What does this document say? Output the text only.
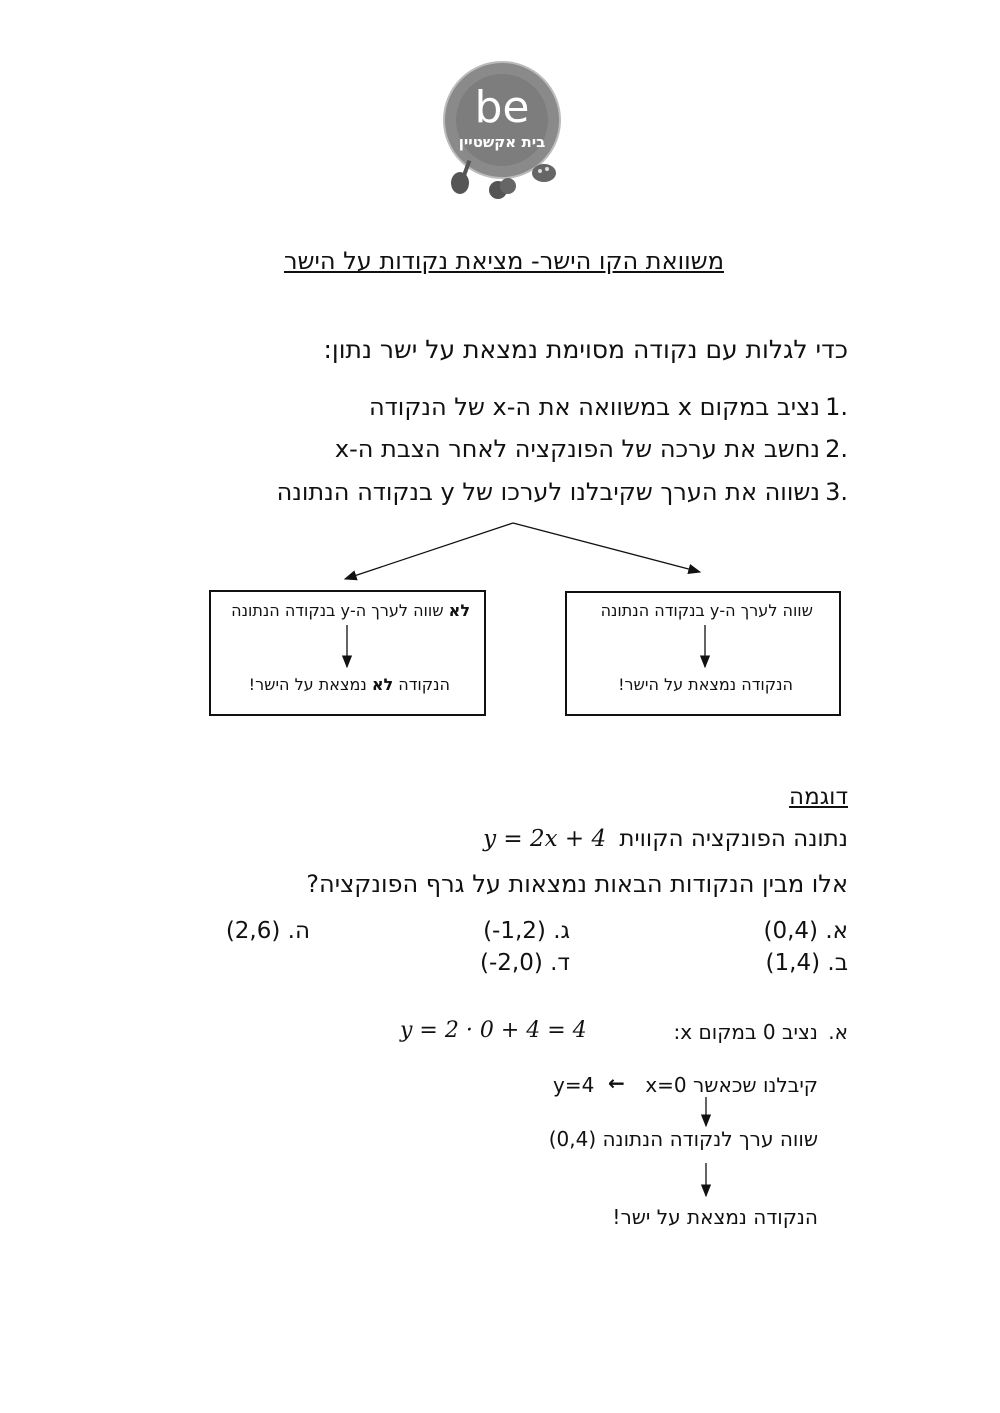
be
בית אקשטיין
משוואת הקו הישר- מציאת נקודות על הישר
כדי לגלות עם נקודה מסוימת נמצאת על ישר נתון:
1.
נציב במקום x במשוואה את ה-x של הנקודה
2.
נחשב את ערכה של הפונקציה לאחר הצבת ה-x
3.
נשווה את הערך שקיבלנו לערכו של y בנקודה הנתונה
שווה לערך ה-y בנקודה הנתונה
הנקודה נמצאת על הישר!
לא שווה לערך ה-y בנקודה הנתונה
הנקודה לא נמצאת על הישר!
דוגמה
נתונה הפונקציה הקווית y = 2x + 4
אלו מבין הנקודות הבאות נמצאות על גרף הפונקציה?
א. (0,4)
ב. (1,4)
ג. (-1,2)
ד. (-2,0)
ה. (2,6)
א. נציב 0 במקום x:
y = 2 · 0 + 4 = 4
y=4 ← קיבלנו שכאשר x=0
שווה ערך לנקודה הנתונה (0,4)
הנקודה נמצאת על ישר!
